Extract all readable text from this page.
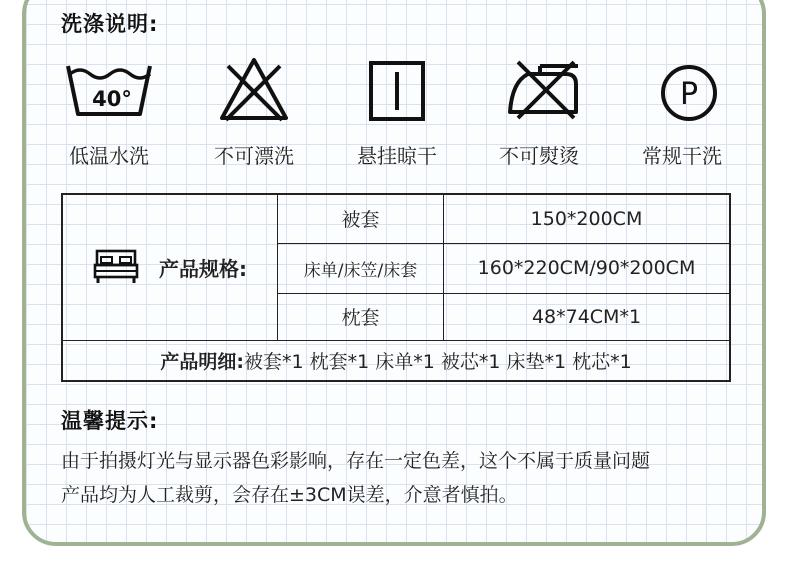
洗涤说明:
40°
低温水洗	不可漂洗	悬挂晾干	不可熨烫
P
常规干洗
产品规格:	被套	150*200CM
	床单/床笠/床套	160*220CM/90*200CM
	枕套	48*74CM*1
产品明细:被套*1 枕套*1 床单*1 被芯*1 床垫*1 枕芯*1		
温馨提示:
由于拍摄灯光与显示器色彩影响，存在一定色差，这个不属于质量问题
产品均为人工裁剪，会存在±3CM误差，介意者慎拍。
